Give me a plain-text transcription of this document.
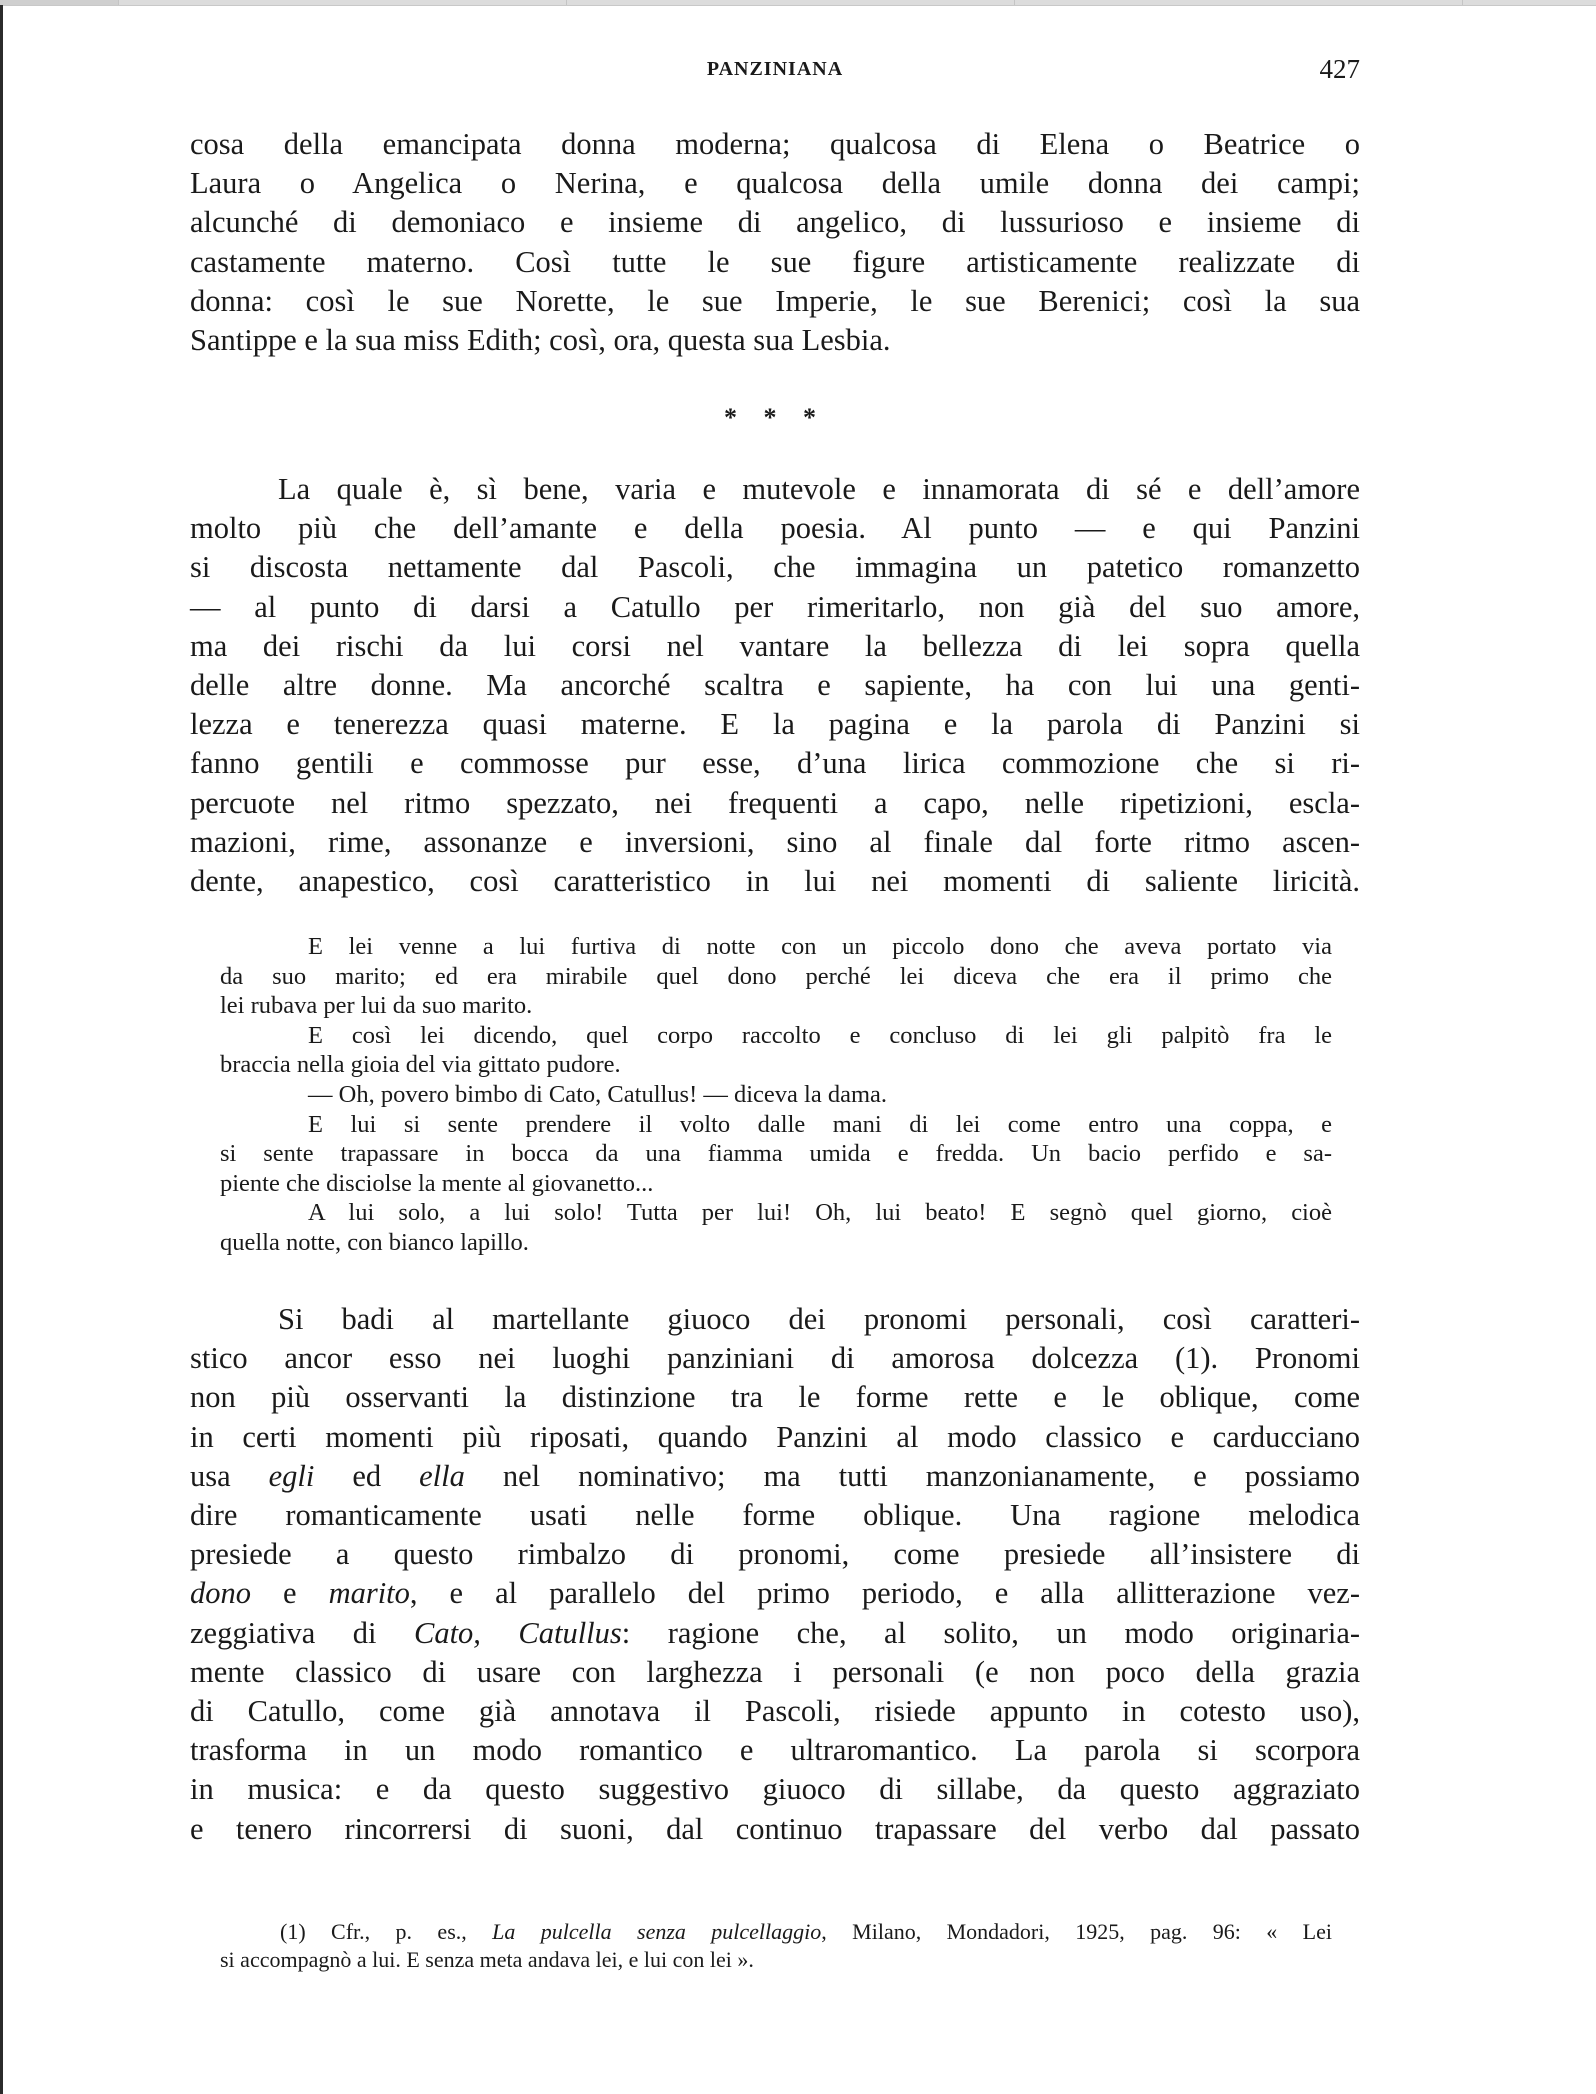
PANZINIANA	427
cosa della emancipata donna moderna; qualcosa di Elena o Beatrice o
Laura o Angelica o Nerina, e qualcosa della umile donna dei campi;
alcunché di demoniaco e insieme di angelico, di lussurioso e insieme di
castamente materno. Così tutte le sue figure artisticamente realizzate di
donna: così le sue Norette, le sue Imperie, le sue Berenici; così la sua
Santippe e la sua miss Edith; così, ora, questa sua Lesbia.
* * *
La quale è, sì bene, varia e mutevole e innamorata di sé e dell’amore
molto più che dell’amante e della poesia. Al punto — e qui Panzini
si discosta nettamente dal Pascoli, che immagina un patetico romanzetto
— al punto di darsi a Catullo per rimeritarlo, non già del suo amore,
ma dei rischi da lui corsi nel vantare la bellezza di lei sopra quella
delle altre donne. Ma ancorché scaltra e sapiente, ha con lui una genti-
lezza e tenerezza quasi materne. E la pagina e la parola di Panzini si
fanno gentili e commosse pur esse, d’una lirica commozione che si ri-
percuote nel ritmo spezzato, nei frequenti a capo, nelle ripetizioni, escla-
mazioni, rime, assonanze e inversioni, sino al finale dal forte ritmo ascen-
dente, anapestico, così caratteristico in lui nei momenti di saliente liricità.
E lei venne a lui furtiva di notte con un piccolo dono che aveva portato via
da suo marito; ed era mirabile quel dono perché lei diceva che era il primo che
lei rubava per lui da suo marito.
E così lei dicendo, quel corpo raccolto e concluso di lei gli palpitò fra le
braccia nella gioia del via gittato pudore.
— Oh, povero bimbo di Cato, Catullus! — diceva la dama.
E lui si sente prendere il volto dalle mani di lei come entro una coppa, e
si sente trapassare in bocca da una fiamma umida e fredda. Un bacio perfido e sa-
piente che disciolse la mente al giovanetto...
A lui solo, a lui solo! Tutta per lui! Oh, lui beato! E segnò quel giorno, cioè
quella notte, con bianco lapillo.
Si badi al martellante giuoco dei pronomi personali, così caratteri-
stico ancor esso nei luoghi panziniani di amorosa dolcezza (1). Pronomi
non più osservanti la distinzione tra le forme rette e le oblique, come
in certi momenti più riposati, quando Panzini al modo classico e carducciano
usa egli ed ella nel nominativo; ma tutti manzonianamente, e possiamo
dire romanticamente usati nelle forme oblique. Una ragione melodica
presiede a questo rimbalzo di pronomi, come presiede all’insistere di
dono e marito, e al parallelo del primo periodo, e alla allitterazione vez-
zeggiativa di Cato, Catullus: ragione che, al solito, un modo originaria-
mente classico di usare con larghezza i personali (e non poco della grazia
di Catullo, come già annotava il Pascoli, risiede appunto in cotesto uso),
trasforma in un modo romantico e ultraromantico. La parola si scorpora
in musica: e da questo suggestivo giuoco di sillabe, da questo aggraziato
e tenero rincorrersi di suoni, dal continuo trapassare del verbo dal passato
(1) Cfr., p. es., La pulcella senza pulcellaggio, Milano, Mondadori, 1925, pag. 96: « Lei
si accompagnò a lui. E senza meta andava lei, e lui con lei ».
